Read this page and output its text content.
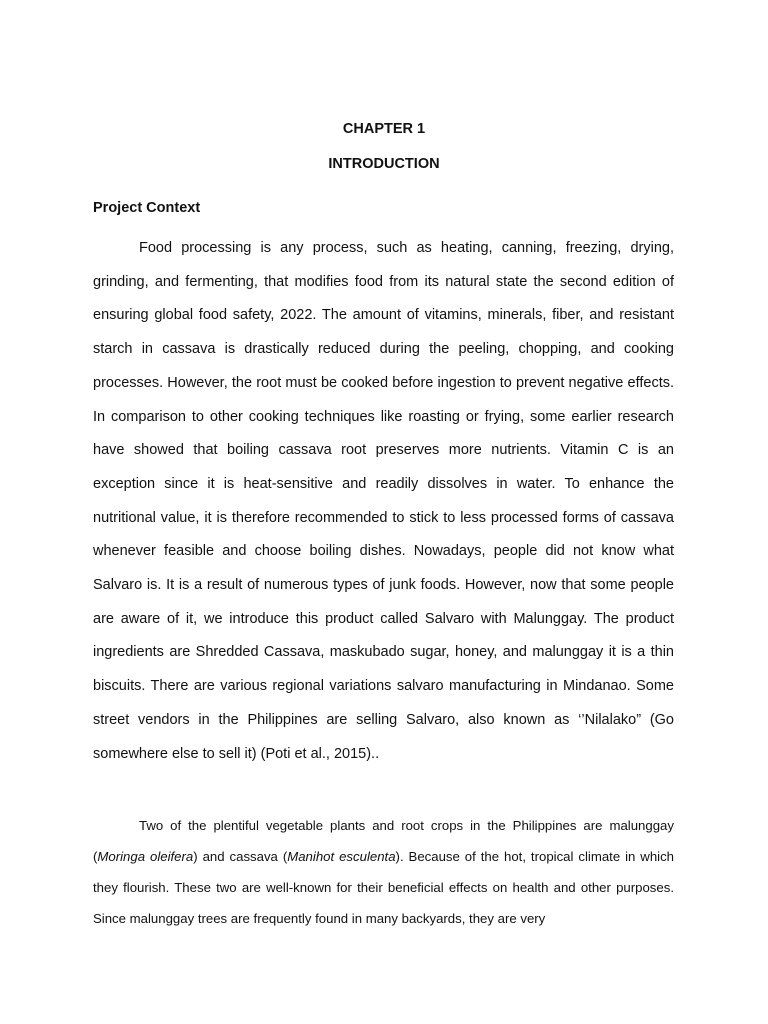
CHAPTER 1
INTRODUCTION
Project Context

Food processing is any process, such as heating, canning, freezing, drying, grinding, and fermenting, that modifies food from its natural state the second edition of ensuring global food safety, 2022. The amount of vitamins, minerals, fiber, and resistant starch in cassava is drastically reduced during the peeling, chopping, and cooking processes. However, the root must be cooked before ingestion to prevent negative effects. In comparison to other cooking techniques like roasting or frying, some earlier research have showed that boiling cassava root preserves more nutrients. Vitamin C is an exception since it is heat-sensitive and readily dissolves in water. To enhance the nutritional value, it is therefore recommended to stick to less processed forms of cassava whenever feasible and choose boiling dishes. Nowadays, people did not know what Salvaro is. It is a result of numerous types of junk foods. However, now that some people are aware of it, we introduce this product called Salvaro with Malunggay. The product ingredients are Shredded Cassava, maskubado sugar, honey, and malunggay it is a thin biscuits. There are various regional variations salvaro manufacturing in Mindanao. Some street vendors in the Philippines are selling Salvaro, also known as ‘’Nilalako” (Go somewhere else to sell it) (Poti et al., 2015)..

Two of the plentiful vegetable plants and root crops in the Philippines are malunggay (Moringa oleifera) and cassava (Manihot esculenta). Because of the hot, tropical climate in which they flourish. These two are well-known for their beneficial effects on health and other purposes. Since malunggay trees are frequently found in many backyards, they are very
